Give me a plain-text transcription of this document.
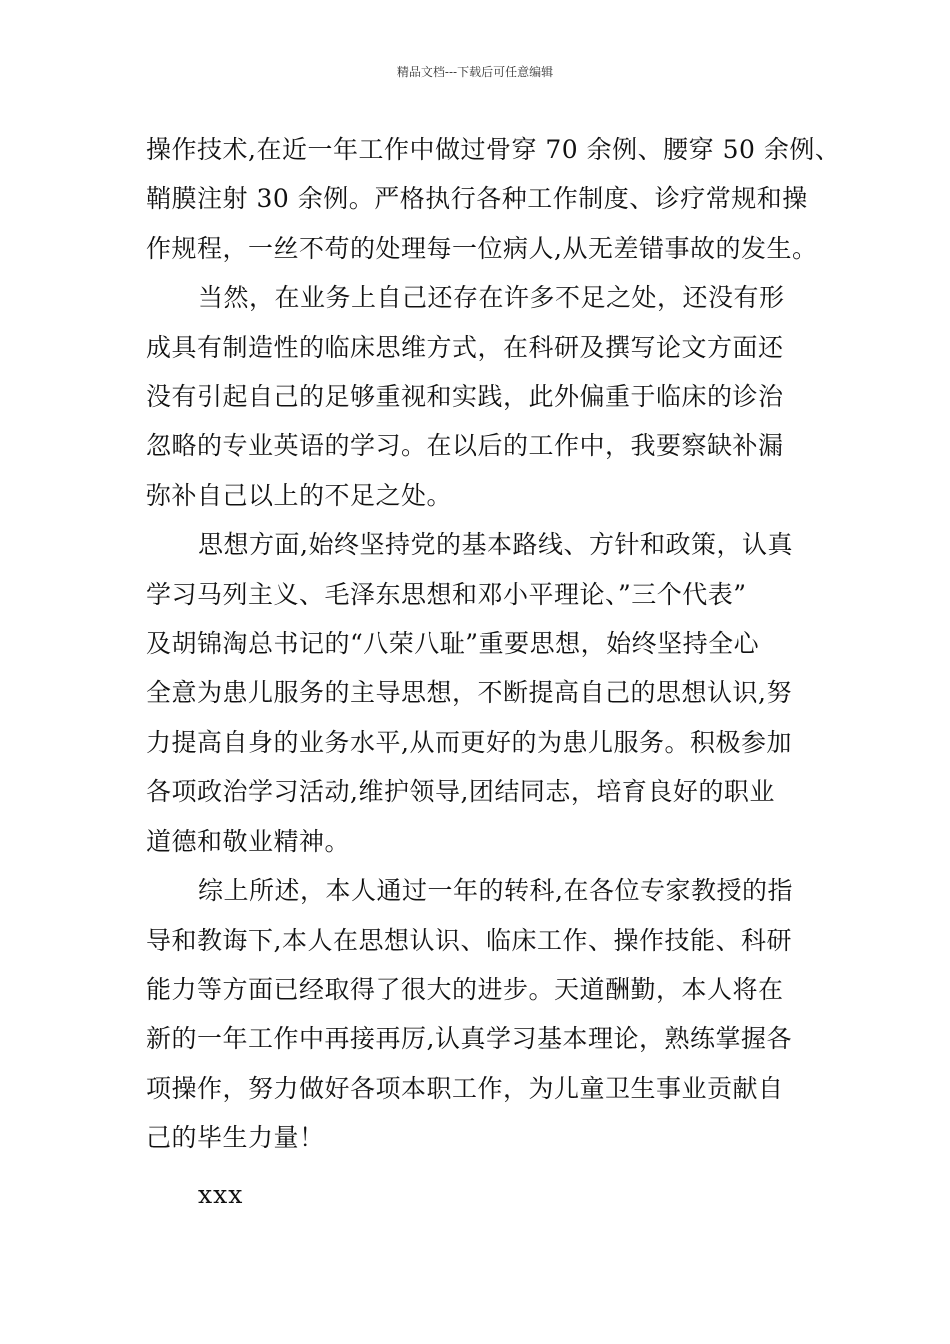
精品文档---下载后可任意编辑

操作技术,在近一年工作中做过骨穿 70 余例、腰穿 50 余例、
鞘膜注射 30 余例。严格执行各种工作制度、诊疗常规和操
作规程，一丝不苟的处理每一位病人,从无差错事故的发生。

当然，在业务上自己还存在许多不足之处，还没有形
成具有制造性的临床思维方式，在科研及撰写论文方面还
没有引起自己的足够重视和实践，此外偏重于临床的诊治
忽略的专业英语的学习。在以后的工作中，我要察缺补漏
弥补自己以上的不足之处。

思想方面,始终坚持党的基本路线、方针和政策，认真
学习马列主义、毛泽东思想和邓小平理论、”三个代表”
及胡锦淘总书记的“八荣八耻”重要思想，始终坚持全心
全意为患儿服务的主导思想，不断提高自己的思想认识,努
力提高自身的业务水平,从而更好的为患儿服务。积极参加
各项政治学习活动,维护领导,团结同志，培育良好的职业
道德和敬业精神。

综上所述，本人通过一年的转科,在各位专家教授的指
导和教诲下,本人在思想认识、临床工作、操作技能、科研
能力等方面已经取得了很大的进步。天道酬勤，本人将在
新的一年工作中再接再厉,认真学习基本理论，熟练掌握各
项操作，努力做好各项本职工作，为儿童卫生事业贡献自
己的毕生力量！

xxx
